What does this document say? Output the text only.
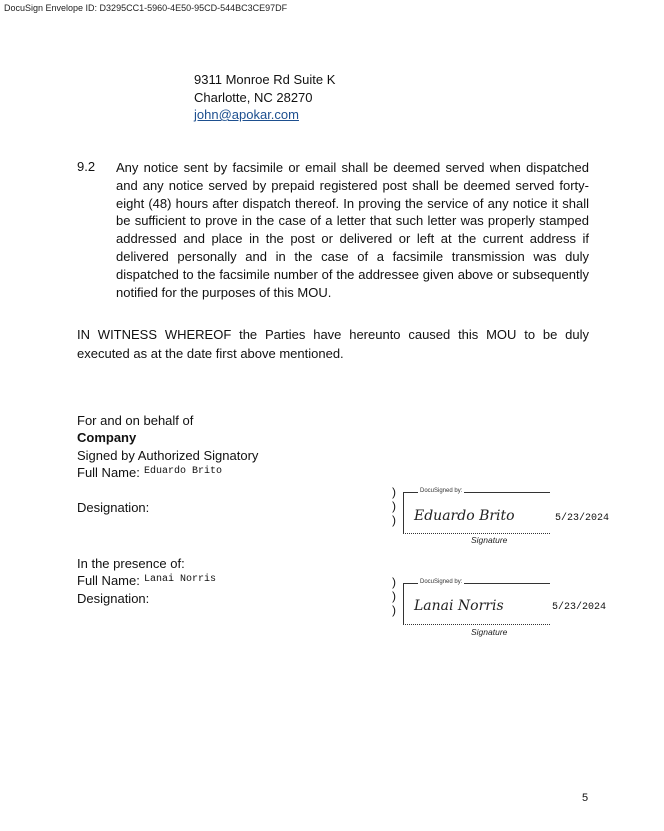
DocuSign Envelope ID: D3295CC1-5960-4E50-95CD-544BC3CE97DF
9311 Monroe Rd Suite K
Charlotte, NC 28270
john@apokar.com
9.2 Any notice sent by facsimile or email shall be deemed served when dispatched and any notice served by prepaid registered post shall be deemed served forty-eight (48) hours after dispatch thereof. In proving the service of any notice it shall be sufficient to prove in the case of a letter that such letter was properly stamped addressed and place in the post or delivered or left at the current address if delivered personally and in the case of a facsimile transmission was duly dispatched to the facsimile number of the addressee given above or subsequently notified for the purposes of this MOU.
IN WITNESS WHEREOF the Parties have hereunto caused this MOU to be duly executed as at the date first above mentioned.
For and on behalf of
Company
Signed by Authorized Signatory
Full Name: Eduardo Brito
Designation:
)
)
)
DocuSigned by:
Eduardo Brito	5/23/2024
Signature
In the presence of:
Full Name: Lanai Norris
Designation:
)
)
)
DocuSigned by:
Lanai Norris	5/23/2024
Signature
5
